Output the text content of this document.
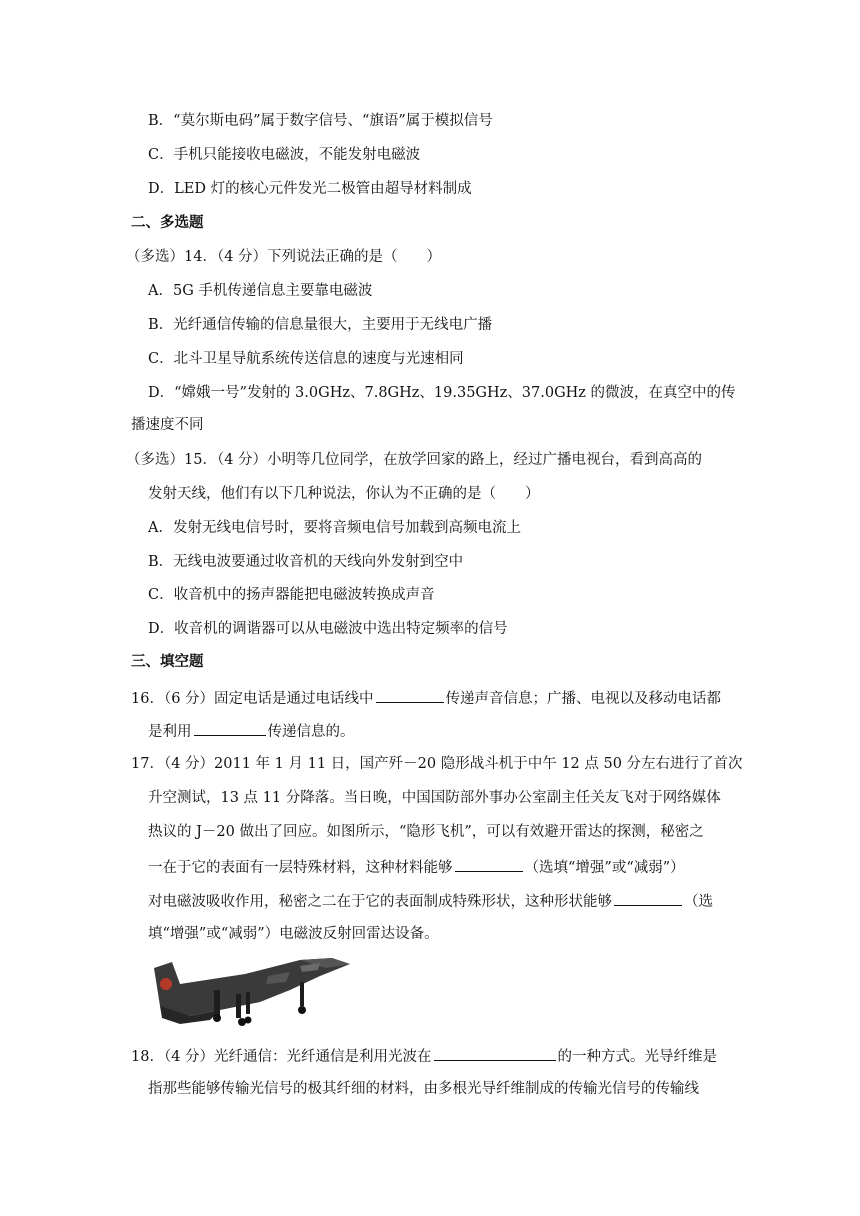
B．“莫尔斯电码”属于数字信号、“旗语”属于模拟信号
C．手机只能接收电磁波，不能发射电磁波
D．LED 灯的核心元件发光二极管由超导材料制成
二、多选题
（多选）14．（4 分）下列说法正确的是（　　）
A．5G 手机传递信息主要靠电磁波
B．光纤通信传输的信息量很大，主要用于无线电广播
C．北斗卫星导航系统传送信息的速度与光速相同
D．“嫦娥一号”发射的 3.0GHz、7.8GHz、19.35GHz、37.0GHz 的微波，在真空中的传
播速度不同
（多选）15．（4 分）小明等几位同学，在放学回家的路上，经过广播电视台，看到高高的
发射天线，他们有以下几种说法，你认为不正确的是（　　）
A．发射无线电信号时，要将音频电信号加载到高频电流上
B．无线电波要通过收音机的天线向外发射到空中
C．收音机中的扬声器能把电磁波转换成声音
D．收音机的调谐器可以从电磁波中选出特定频率的信号
三、填空题
16．（6 分）固定电话是通过电话线中	传递声音信息；广播、电视以及移动电话都
是利用	传递信息的。
17．（4 分）2011 年 1 月 11 日，国产歼－20 隐形战斗机于中午 12 点 50 分左右进行了首次
升空测试，13 点 11 分降落。当日晚，中国国防部外事办公室副主任关友飞对于网络媒体
热议的 J－20 做出了回应。如图所示，“隐形飞机”，可以有效避开雷达的探测，秘密之
一在于它的表面有一层特殊材料，这种材料能够	（选填“增强”或“减弱”）
对电磁波吸收作用，秘密之二在于它的表面制成特殊形状，这种形状能够	（选
填“增强”或“减弱”）电磁波反射回雷达设备。
18．（4 分）光纤通信：光纤通信是利用光波在	的一种方式。光导纤维是
指那些能够传输光信号的极其纤细的材料，由多根光导纤维制成的传输光信号的传输线
